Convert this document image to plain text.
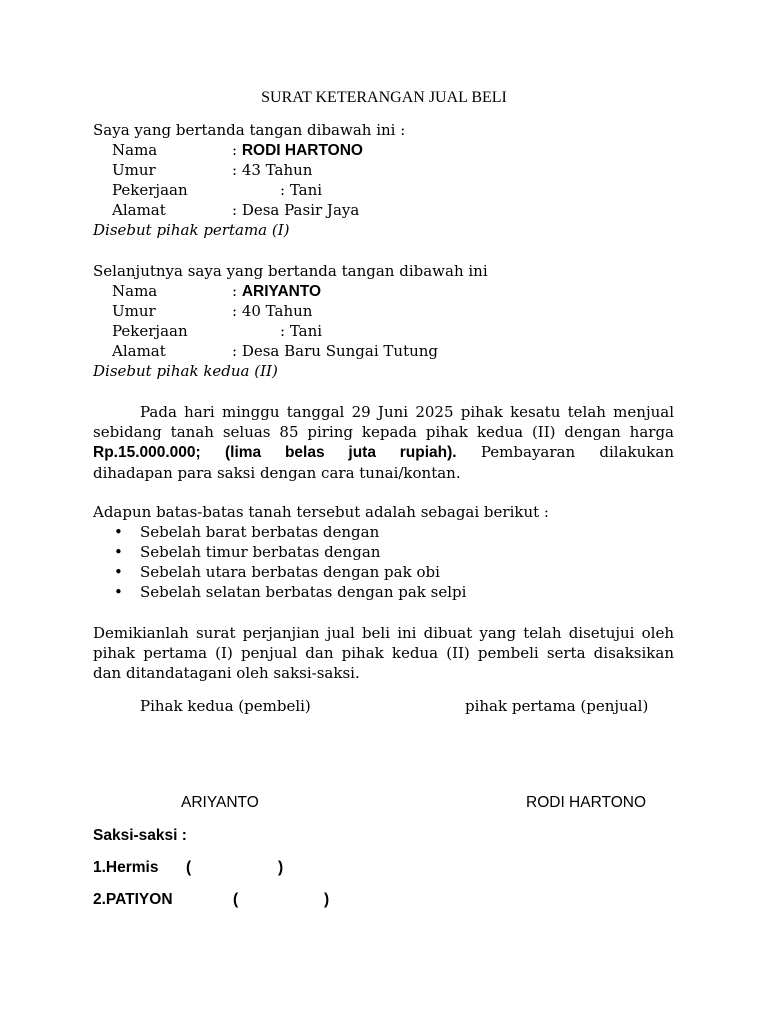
SURAT KETERANGAN JUAL BELI
Saya yang bertanda tangan dibawah ini :
Nama	: RODI HARTONO
Umur	: 43 Tahun
Pekerjaan	: Tani
Alamat	: Desa Pasir Jaya
Disebut pihak pertama (I)
Selanjutnya saya yang bertanda tangan dibawah ini
Nama	: ARIYANTO
Umur	: 40 Tahun
Pekerjaan	: Tani
Alamat	: Desa Baru Sungai Tutung
Disebut pihak kedua (II)
Pada hari minggu tanggal 29 Juni 2025 pihak kesatu telah menjual
sebidang tanah seluas 85 piring kepada pihak kedua (II) dengan harga
Rp.15.000.000; (lima belas juta rupiah). Pembayaran dilakukan
dihadapan para saksi dengan cara tunai/kontan.
Adapun batas-batas tanah tersebut adalah sebagai berikut :
• Sebelah barat berbatas dengan
• Sebelah timur berbatas dengan
• Sebelah utara berbatas dengan pak obi
• Sebelah selatan berbatas dengan pak selpi
Demikianlah surat perjanjian jual beli ini dibuat yang telah disetujui oleh
pihak pertama (I) penjual dan pihak kedua (II) pembeli serta disaksikan
dan ditandatagani oleh saksi-saksi.
Pihak kedua (pembeli)	pihak pertama (penjual)
ARIYANTO	RODI HARTONO
Saksi-saksi :
1.Hermis (	)
2.PATIYON	(	)
